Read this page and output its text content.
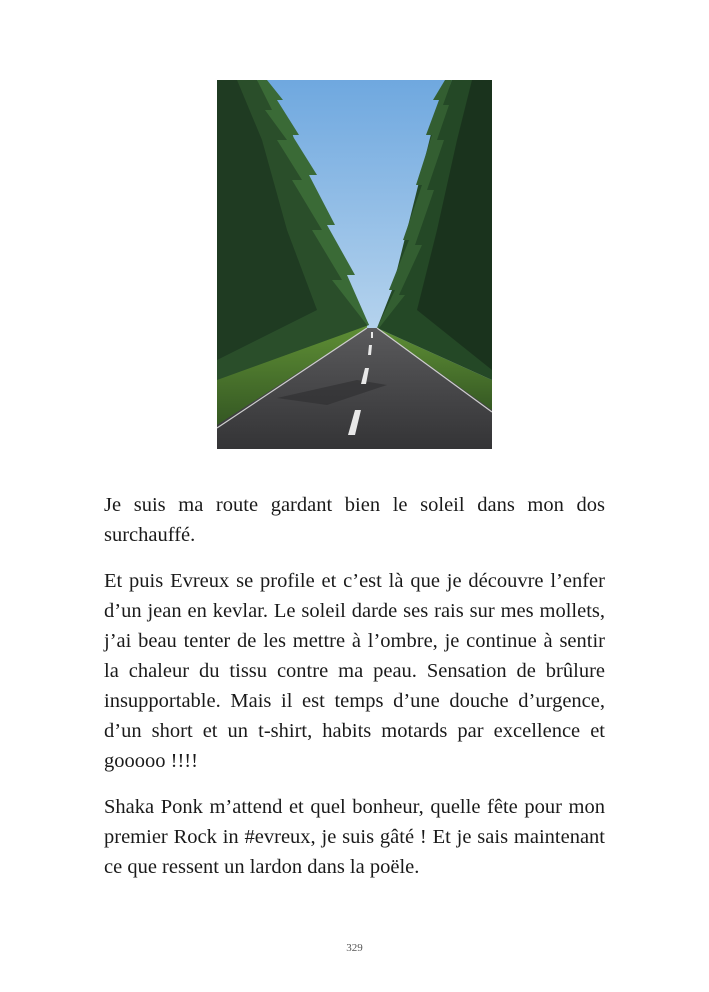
Je suis ma route gardant bien le soleil dans mon dos surchauffé.

Et puis Evreux se profile et c’est là que je découvre l’enfer d’un jean en kevlar. Le soleil darde ses rais sur mes mollets, j’ai beau tenter de les mettre à l’ombre, je continue à sentir la chaleur du tissu contre ma peau. Sensation de brûlure insupportable. Mais il est temps d’une douche d’urgence, d’un short et un t-shirt, habits motards par excellence et gooooo !!!!

Shaka Ponk m’attend et quel bonheur, quelle fête pour mon premier Rock in #evreux, je suis gâté ! Et je sais maintenant ce que ressent un lardon dans la poële.

329
